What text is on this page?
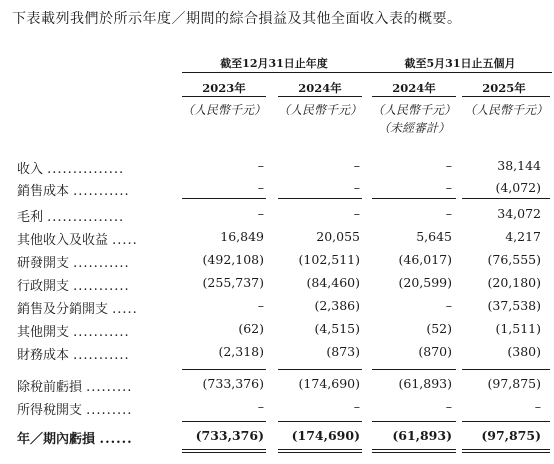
下表載列我們於所示年度／期間的綜合損益及其他全面收入表的概要。
截至12月31日止年度	截至5月31日止五個月
2023年	2024年	2024年	2025年
（人民幣千元） （人民幣千元） （人民幣千元） （人民幣千元）
（未經審計）
收入 ...............	–	–	–	38,144
銷售成本 ...........	–	–	–	(4,072)
毛利 ...............	–	–	–	34,072
其他收入及收益 .....	16,849	20,055	5,645	4,217
研發開支 ...........	(492,108)	(102,511)	(46,017)	(76,555)
行政開支 ...........	(255,737)	(84,460)	(20,599)	(20,180)
銷售及分銷開支 .....	–	(2,386)	–	(37,538)
其他開支 ...........	(62)	(4,515)	(52)	(1,511)
財務成本 ...........	(2,318)	(873)	(870)	(380)
除稅前虧損 .........	(733,376)	(174,690)	(61,893)	(97,875)
所得稅開支 .........	–	–	–	–
年／期內虧損 ......	(733,376)	(174,690)	(61,893)	(97,875)
